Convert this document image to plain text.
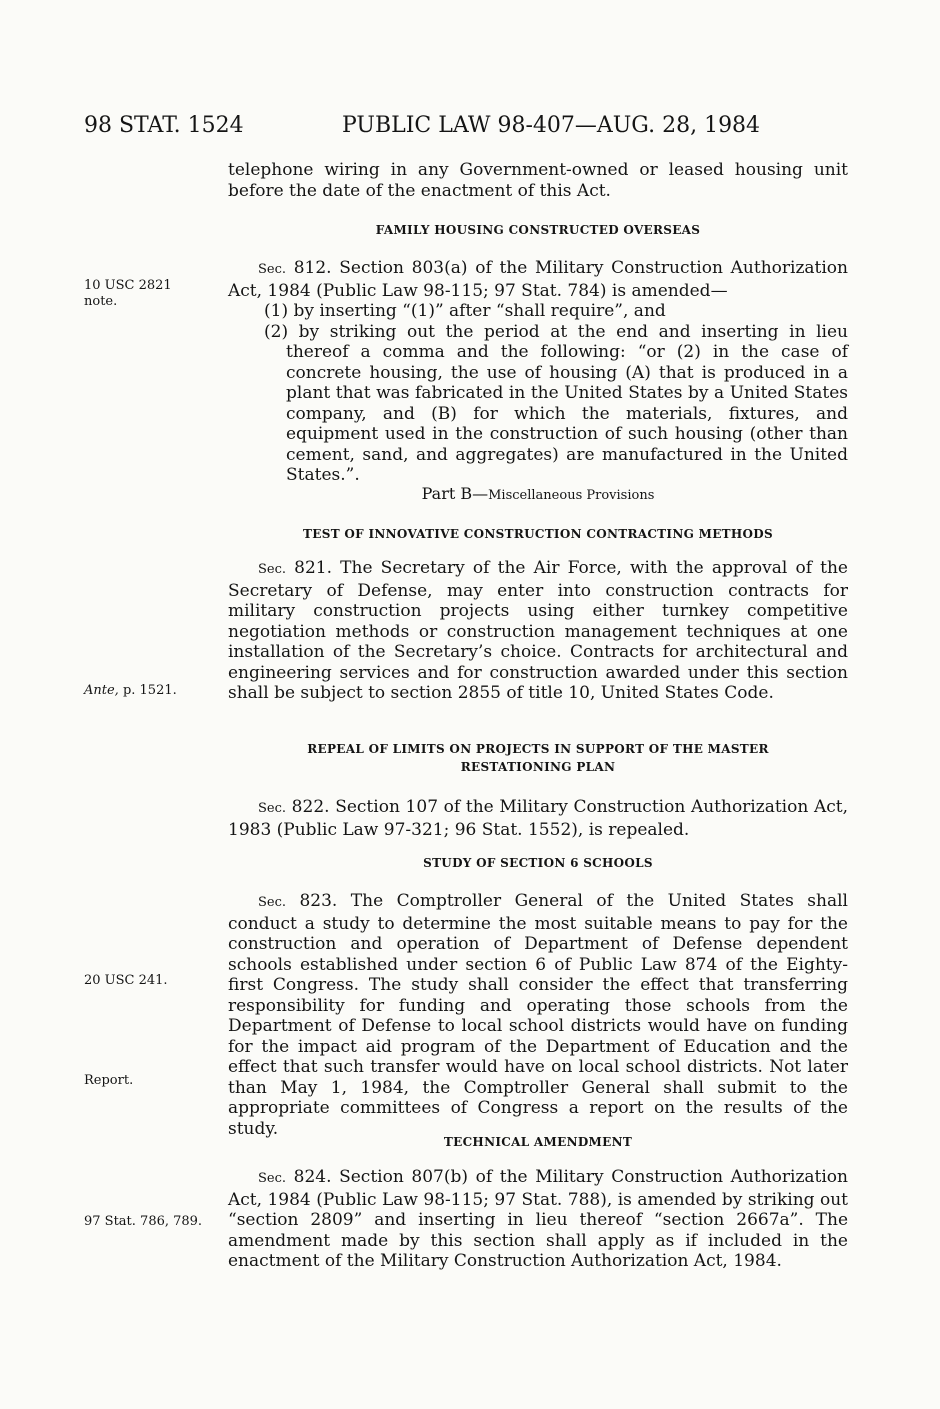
98 STAT. 1524	PUBLIC LAW 98-407—AUG. 28, 1984
10 USC 2821
note.
Ante, p. 1521.
20 USC 241.
Report.
97 Stat. 786, 789.

telephone wiring in any Government-owned or leased housing unit before the date of the enactment of this Act.

FAMILY HOUSING CONSTRUCTED OVERSEAS

Sec. 812. Section 803(a) of the Military Construction Authorization Act, 1984 (Public Law 98-115; 97 Stat. 784) is amended—

(1) by inserting “(1)” after “shall require”, and

(2) by striking out the period at the end and inserting in lieu thereof a comma and the following: “or (2) in the case of concrete housing, the use of housing (A) that is produced in a plant that was fabricated in the United States by a United States company, and (B) for which the materials, fixtures, and equipment used in the construction of such housing (other than cement, sand, and aggregates) are manufactured in the United States.”.

Part B—Miscellaneous Provisions

TEST OF INNOVATIVE CONSTRUCTION CONTRACTING METHODS

Sec. 821. The Secretary of the Air Force, with the approval of the Secretary of Defense, may enter into construction contracts for military construction projects using either turnkey competitive negotiation methods or construction management techniques at one installation of the Secretary’s choice. Contracts for architectural and engineering services and for construction awarded under this section shall be subject to section 2855 of title 10, United States Code.

REPEAL OF LIMITS ON PROJECTS IN SUPPORT OF THE MASTER

RESTATIONING PLAN

Sec. 822. Section 107 of the Military Construction Authorization Act, 1983 (Public Law 97-321; 96 Stat. 1552), is repealed.

STUDY OF SECTION 6 SCHOOLS

Sec. 823. The Comptroller General of the United States shall conduct a study to determine the most suitable means to pay for the construction and operation of Department of Defense dependent schools established under section 6 of Public Law 874 of the Eighty-first Congress. The study shall consider the effect that transferring responsibility for funding and operating those schools from the Department of Defense to local school districts would have on funding for the impact aid program of the Department of Education and the effect that such transfer would have on local school districts. Not later than May 1, 1984, the Comptroller General shall submit to the appropriate committees of Congress a report on the results of the study.

TECHNICAL AMENDMENT

Sec. 824. Section 807(b) of the Military Construction Authorization Act, 1984 (Public Law 98-115; 97 Stat. 788), is amended by striking out “section 2809” and inserting in lieu thereof “section 2667a”. The amendment made by this section shall apply as if included in the enactment of the Military Construction Authorization Act, 1984.
